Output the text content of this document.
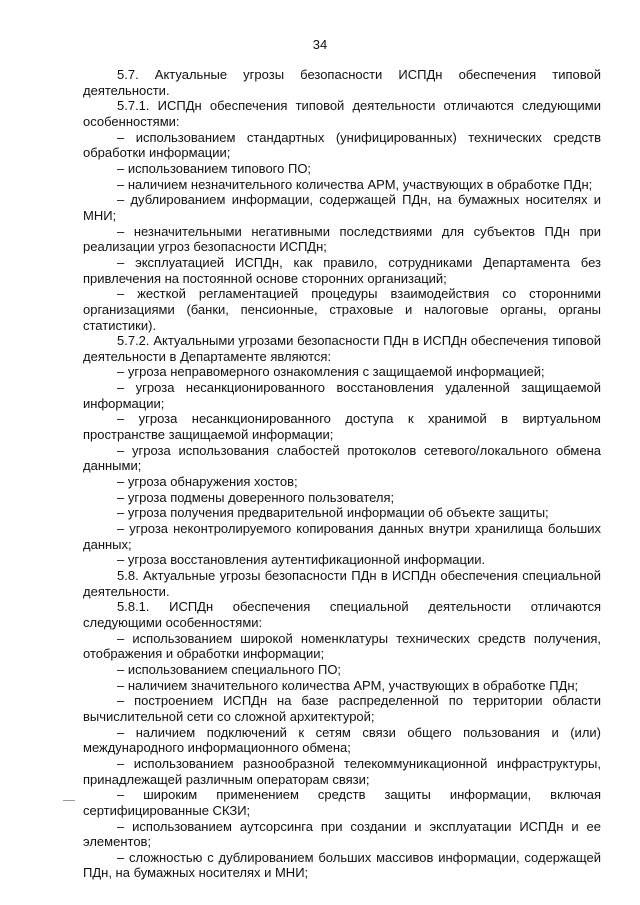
34

5.7. Актуальные угрозы безопасности ИСПДн обеспечения типовой деятельности.

5.7.1. ИСПДн обеспечения типовой деятельности отличаются следующими особенностями:

– использованием стандартных (унифицированных) технических средств обработки информации;

– использованием типового ПО;

– наличием незначительного количества АРМ, участвующих в обработке ПДн;

– дублированием информации, содержащей ПДн, на бумажных носителях и МНИ;

– незначительными негативными последствиями для субъектов ПДн при реализации угроз безопасности ИСПДн;

– эксплуатацией ИСПДн, как правило, сотрудниками Департамента без привлечения на постоянной основе сторонних организаций;

– жесткой регламентацией процедуры взаимодействия со сторонними организациями (банки, пенсионные, страховые и налоговые органы, органы статистики).

5.7.2. Актуальными угрозами безопасности ПДн в ИСПДн обеспечения типовой деятельности в Департаменте являются:

– угроза неправомерного ознакомления с защищаемой информацией;

– угроза несанкционированного восстановления удаленной защищаемой информации;

– угроза несанкционированного доступа к хранимой в виртуальном пространстве защищаемой информации;

– угроза использования слабостей протоколов сетевого/локального обмена данными;

– угроза обнаружения хостов;

– угроза подмены доверенного пользователя;

– угроза получения предварительной информации об объекте защиты;

– угроза неконтролируемого копирования данных внутри хранилища больших данных;

– угроза восстановления аутентификационной информации.

5.8. Актуальные угрозы безопасности ПДн в ИСПДн обеспечения специальной деятельности.

5.8.1. ИСПДн обеспечения специальной деятельности отличаются следующими особенностями:

– использованием широкой номенклатуры технических средств получения, отображения и обработки информации;

– использованием специального ПО;

– наличием значительного количества АРМ, участвующих в обработке ПДн;

– построением ИСПДн на базе распределенной по территории области вычислительной сети со сложной архитектурой;

– наличием подключений к сетям связи общего пользования и (или) международного информационного обмена;

– использованием разнообразной телекоммуникационной инфраструктуры, принадлежащей различным операторам связи;

– широким применением средств защиты информации, включая сертифицированные СКЗИ;

– использованием аутсорсинга при создании и эксплуатации ИСПДн и ее элементов;

– сложностью с дублированием больших массивов информации, содержащей ПДн, на бумажных носителях и МНИ;
